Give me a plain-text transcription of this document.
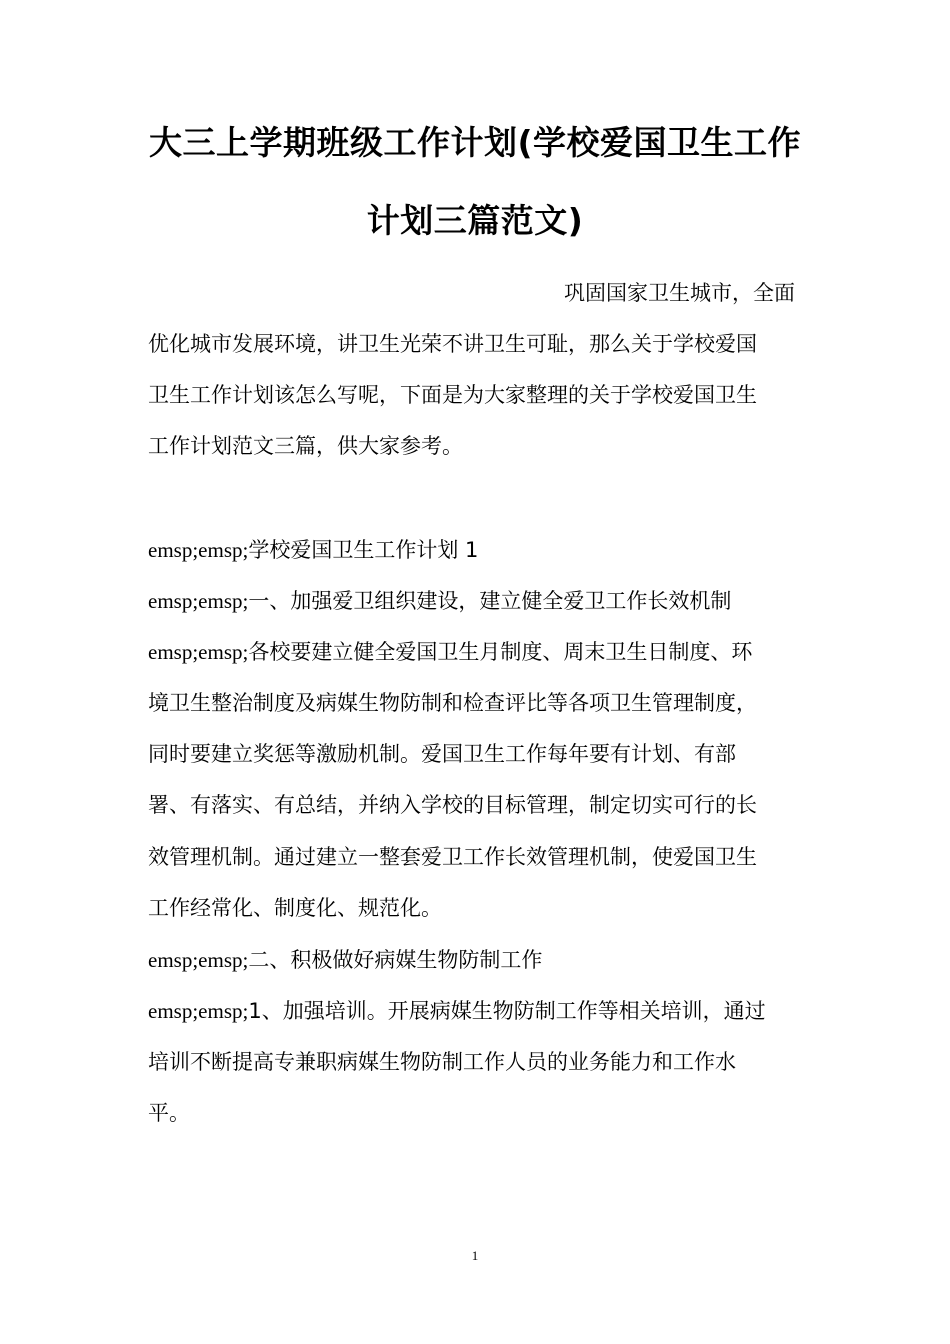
大三上学期班级工作计划(学校爱国卫生工作
计划三篇范文)
巩固国家卫生城市，全面
优化城市发展环境，讲卫生光荣不讲卫生可耻，那么关于学校爱国
卫生工作计划该怎么写呢，下面是为大家整理的关于学校爱国卫生
工作计划范文三篇，供大家参考。
emsp;emsp;学校爱国卫生工作计划 1
emsp;emsp;一、加强爱卫组织建设，建立健全爱卫工作长效机制
emsp;emsp;各校要建立健全爱国卫生月制度、周末卫生日制度、环
境卫生整治制度及病媒生物防制和检查评比等各项卫生管理制度，
同时要建立奖惩等激励机制。爱国卫生工作每年要有计划、有部
署、有落实、有总结，并纳入学校的目标管理，制定切实可行的长
效管理机制。通过建立一整套爱卫工作长效管理机制，使爱国卫生
工作经常化、制度化、规范化。
emsp;emsp;二、积极做好病媒生物防制工作
emsp;emsp;1、加强培训。开展病媒生物防制工作等相关培训，通过
培训不断提高专兼职病媒生物防制工作人员的业务能力和工作水
平。
1
